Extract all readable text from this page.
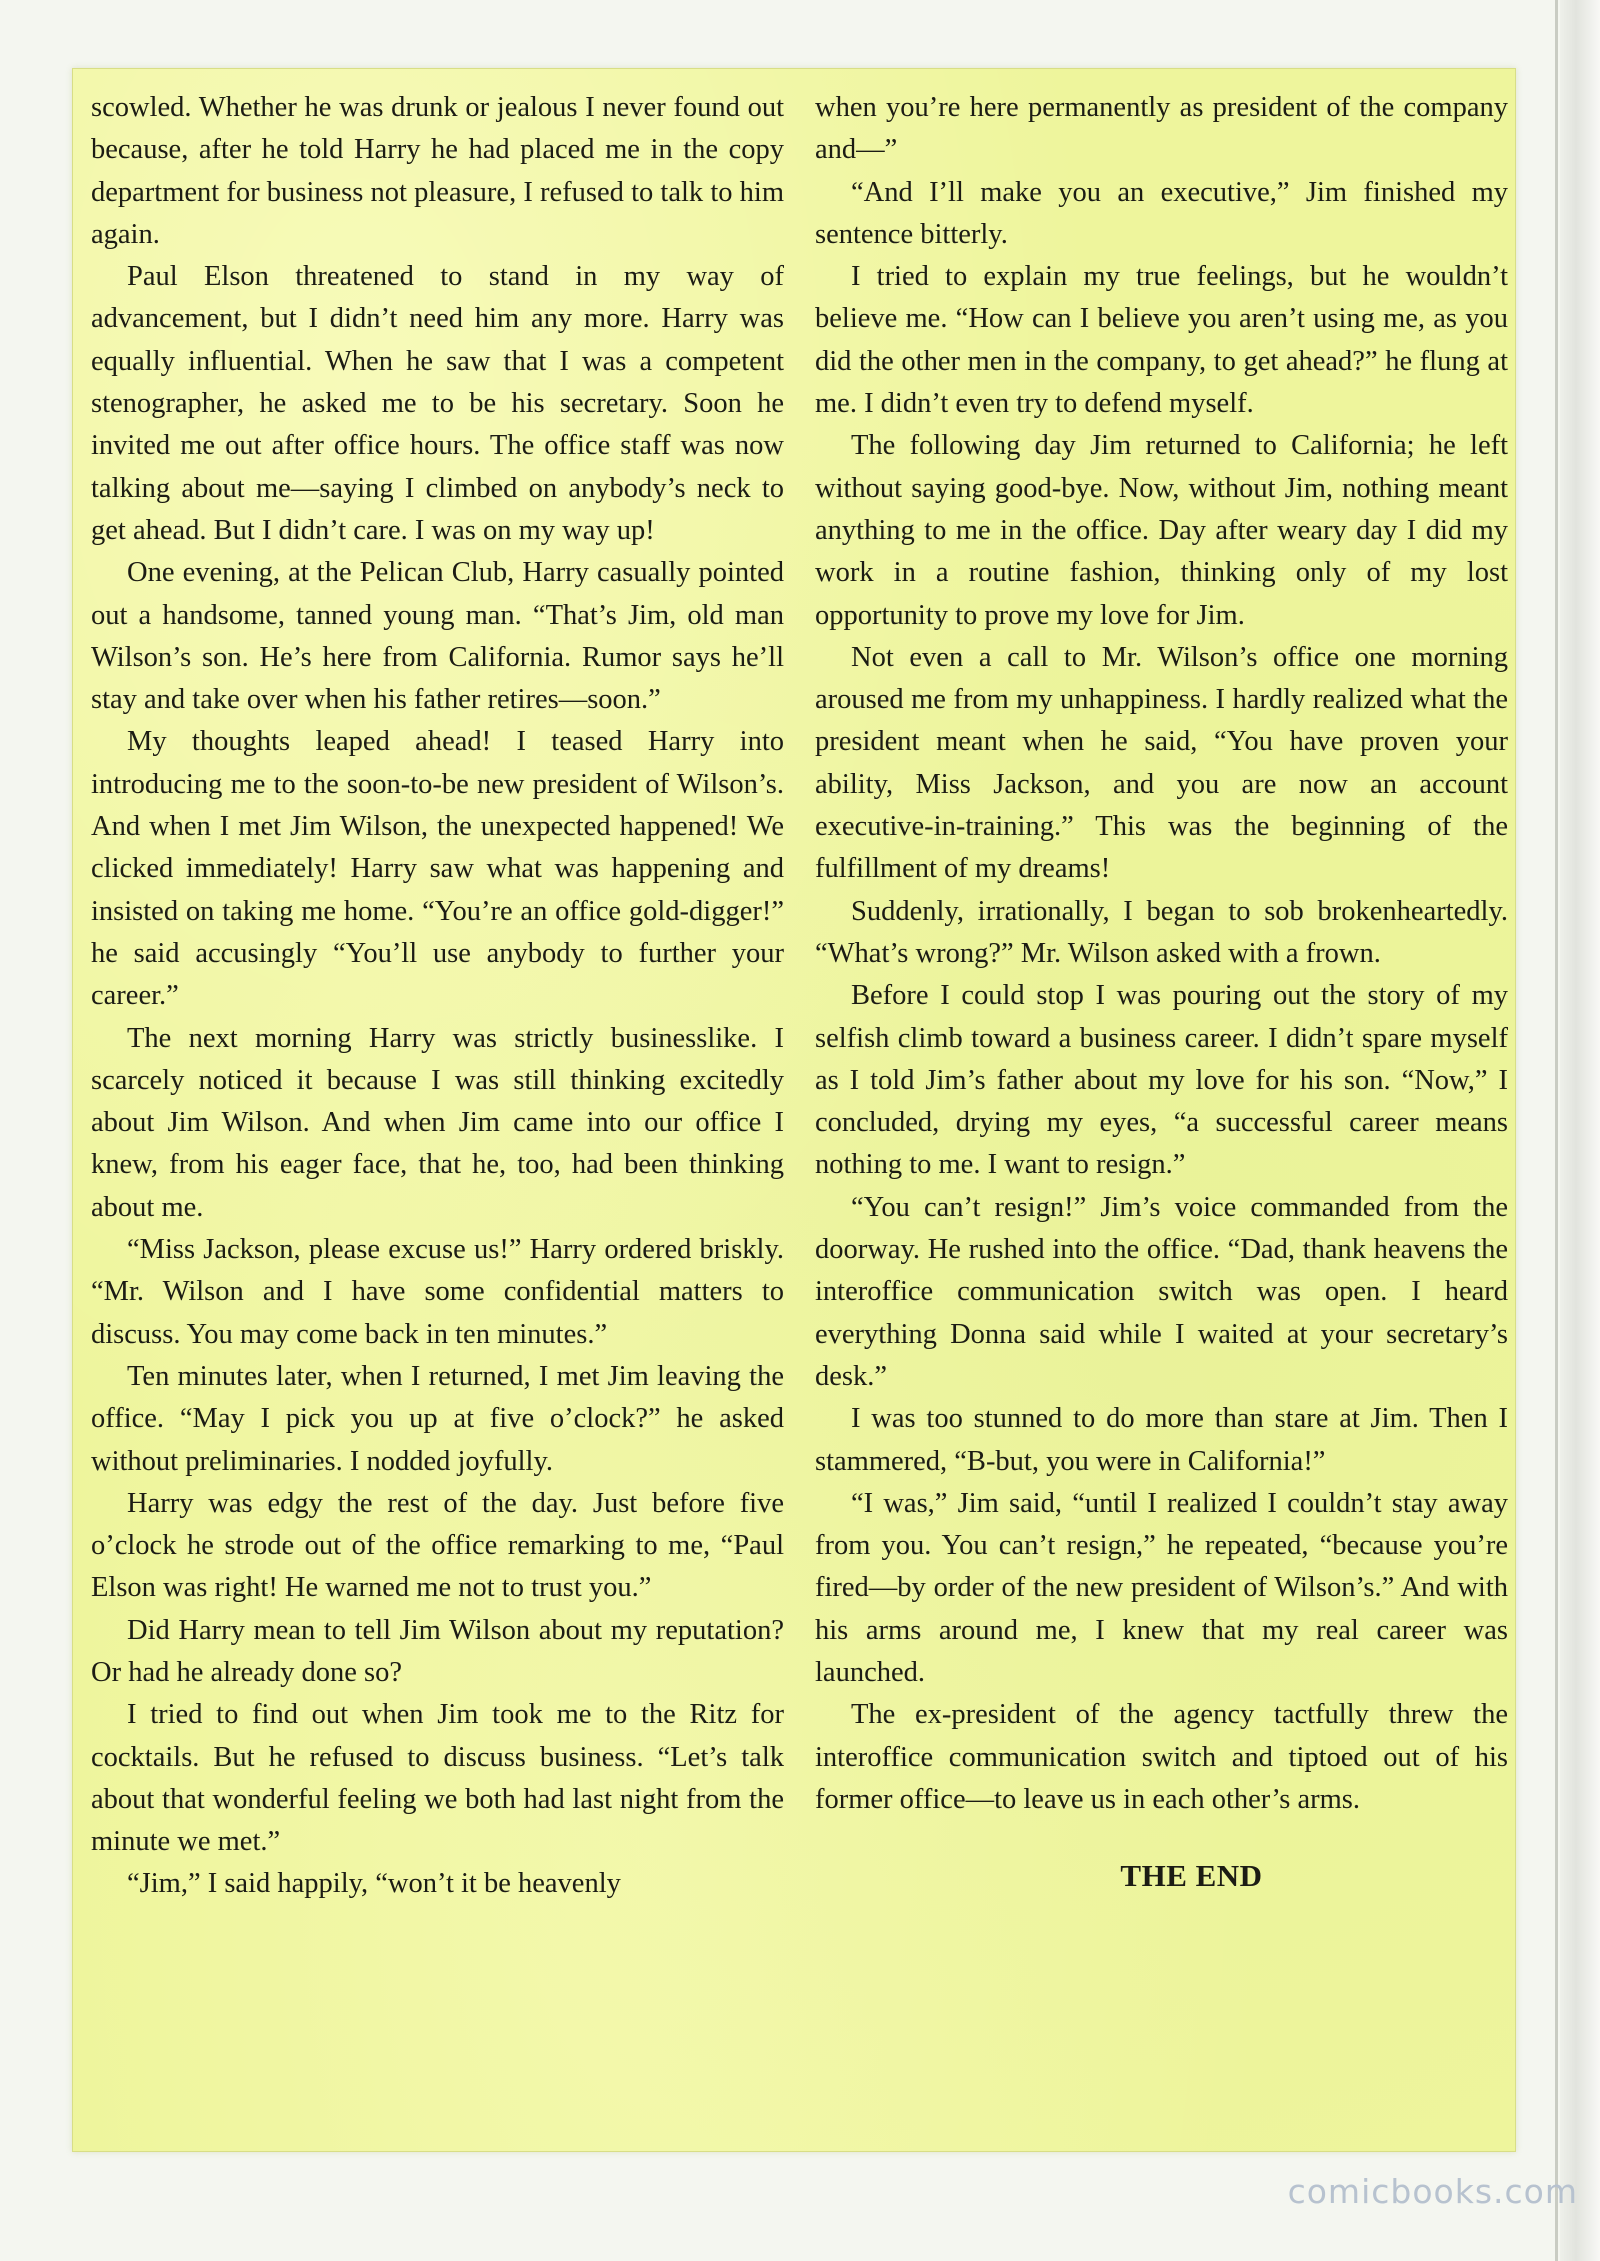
scowled. Whether he was drunk or jealous I never found out because, after he told Harry he had placed me in the copy department for business not pleasure, I refused to talk to him again.

Paul Elson threatened to stand in my way of advancement, but I didn’t need him any more. Harry was equally influential. When he saw that I was a competent stenographer, he asked me to be his secretary. Soon he invited me out after office hours. The office staff was now talking about me—saying I climbed on anybody’s neck to get ahead. But I didn’t care. I was on my way up!

One evening, at the Pelican Club, Harry casually pointed out a handsome, tanned young man. “That’s Jim, old man Wilson’s son. He’s here from California. Rumor says he’ll stay and take over when his father retires—soon.”

My thoughts leaped ahead! I teased Harry into introducing me to the soon-to-be new president of Wilson’s. And when I met Jim Wilson, the unexpected happened! We clicked immediately! Harry saw what was happening and insisted on taking me home. “You’re an office gold-digger!” he said accusingly “You’ll use anybody to further your career.”

The next morning Harry was strictly businesslike. I scarcely noticed it because I was still thinking excitedly about Jim Wilson. And when Jim came into our office I knew, from his eager face, that he, too, had been thinking about me.

“Miss Jackson, please excuse us!” Harry ordered briskly. “Mr. Wilson and I have some confidential matters to discuss. You may come back in ten minutes.”

Ten minutes later, when I returned, I met Jim leaving the office. “May I pick you up at five o’clock?” he asked without preliminaries. I nodded joyfully.

Harry was edgy the rest of the day. Just before five o’clock he strode out of the office remarking to me, “Paul Elson was right! He warned me not to trust you.”

Did Harry mean to tell Jim Wilson about my reputation? Or had he already done so?

I tried to find out when Jim took me to the Ritz for cocktails. But he refused to discuss business. “Let’s talk about that wonderful feeling we both had last night from the minute we met.”

“Jim,” I said happily, “won’t it be heavenly

when you’re here permanently as president of the company and—”

“And I’ll make you an executive,” Jim finished my sentence bitterly.

I tried to explain my true feelings, but he wouldn’t believe me. “How can I believe you aren’t using me, as you did the other men in the company, to get ahead?” he flung at me. I didn’t even try to defend myself.

The following day Jim returned to California; he left without saying good-bye. Now, without Jim, nothing meant anything to me in the office. Day after weary day I did my work in a routine fashion, thinking only of my lost opportunity to prove my love for Jim.

Not even a call to Mr. Wilson’s office one morning aroused me from my unhappiness. I hardly realized what the president meant when he said, “You have proven your ability, Miss Jackson, and you are now an account executive-in-training.” This was the beginning of the fulfillment of my dreams!

Suddenly, irrationally, I began to sob brokenheartedly. “What’s wrong?” Mr. Wilson asked with a frown.

Before I could stop I was pouring out the story of my selfish climb toward a business career. I didn’t spare myself as I told Jim’s father about my love for his son. “Now,” I concluded, drying my eyes, “a successful career means nothing to me. I want to resign.”

“You can’t resign!” Jim’s voice commanded from the doorway. He rushed into the office. “Dad, thank heavens the interoffice communication switch was open. I heard everything Donna said while I waited at your secretary’s desk.”

I was too stunned to do more than stare at Jim. Then I stammered, “B-but, you were in California!”

“I was,” Jim said, “until I realized I couldn’t stay away from you. You can’t resign,” he repeated, “because you’re fired—by order of the new president of Wilson’s.” And with his arms around me, I knew that my real career was launched.

The ex-president of the agency tactfully threw the interoffice communication switch and tiptoed out of his former office—to leave us in each other’s arms.

THE END
comicbooks.com
